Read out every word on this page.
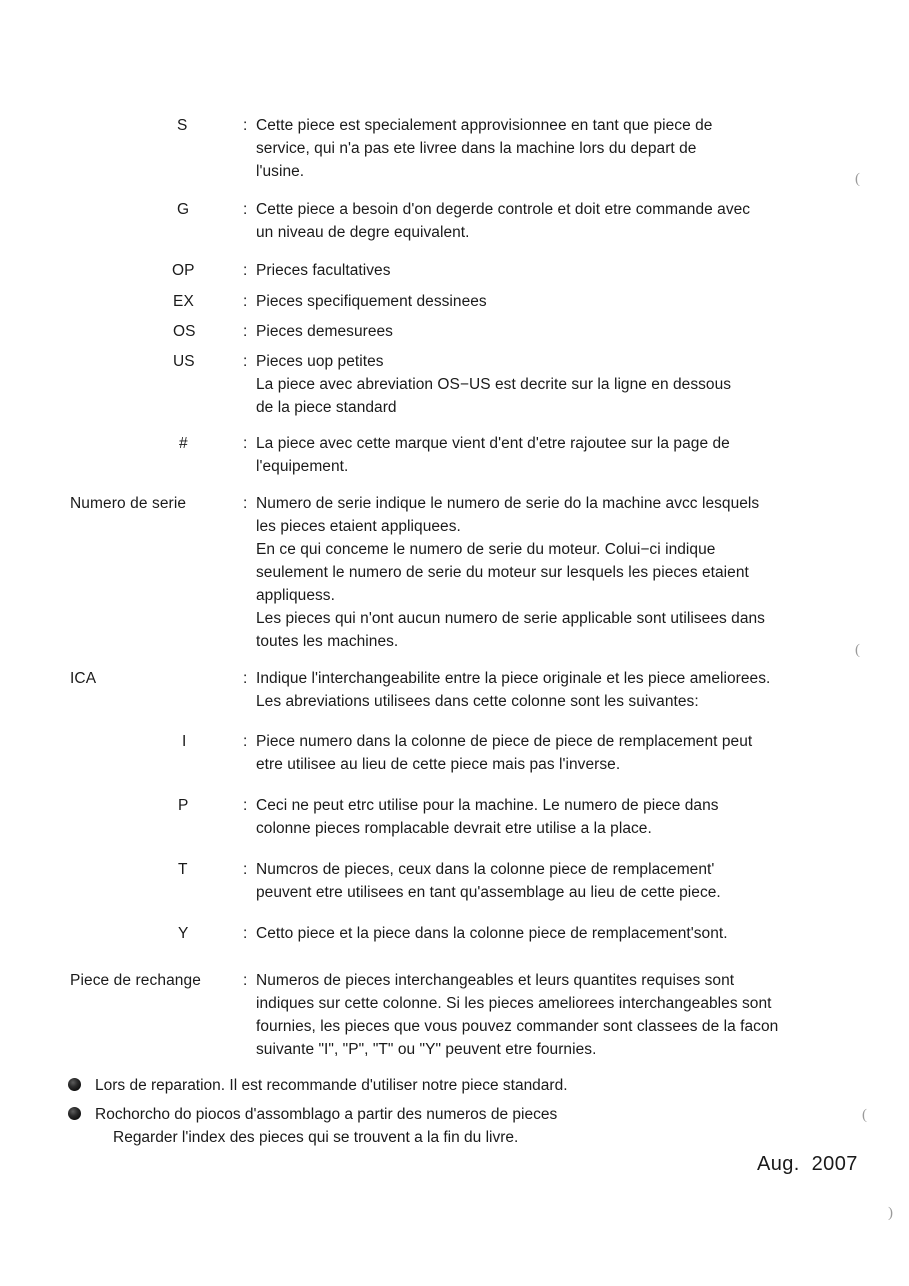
S	: Cette piece est specialement approvisionnee en tant que piece de
service, qui n'a pas ete livree dans la machine lors du depart de
l'usine.
G	: Cette piece a besoin d'on degerde controle et doit etre commande avec
un niveau de degre equivalent.
OP	: Prieces facultatives
EX	: Pieces specifiquement dessinees
OS	: Pieces demesurees
US	: Pieces uop petites
La piece avec abreviation OS−US est decrite sur la ligne en dessous
de la piece standard
#	: La piece avec cette marque vient d'ent d'etre rajoutee sur la page de
l'equipement.
Numero de serie	: Numero de serie indique le numero de serie do la machine avcc lesquels
les pieces etaient appliquees.
En ce qui conceme le numero de serie du moteur. Colui−ci indique
seulement le numero de serie du moteur sur lesquels les pieces etaient
appliquess.
Les pieces qui n'ont aucun numero de serie applicable sont utilisees dans
toutes les machines.
ICA	: Indique l'interchangeabilite entre la piece originale et les piece ameliorees.
Les abreviations utilisees dans cette colonne sont les suivantes:
I	: Piece numero dans la colonne de piece de piece de remplacement peut
etre utilisee au lieu de cette piece mais pas l'inverse.
P	: Ceci ne peut etrc utilise pour la machine. Le numero de piece dans
colonne pieces romplacable devrait etre utilise a la place.
T	: Numcros de pieces, ceux dans la colonne piece de remplacement'
peuvent etre utilisees en tant qu'assemblage au lieu de cette piece.
Y	: Cetto piece et la piece dans la colonne piece de remplacement'sont.
Piece de rechange	: Numeros de pieces interchangeables et leurs quantites requises sont
indiques sur cette colonne. Si les pieces ameliorees interchangeables sont
fournies, les pieces que vous pouvez commander sont classees de la facon
suivante "I", "P", "T" ou "Y" peuvent etre fournies.
Lors de reparation. Il est recommande d'utiliser notre piece standard.
Rochorcho do piocos d'assomblago a partir des numeros de pieces
Regarder l'index des pieces qui se trouvent a la fin du livre.
(
(
(
)
Aug.  2007
